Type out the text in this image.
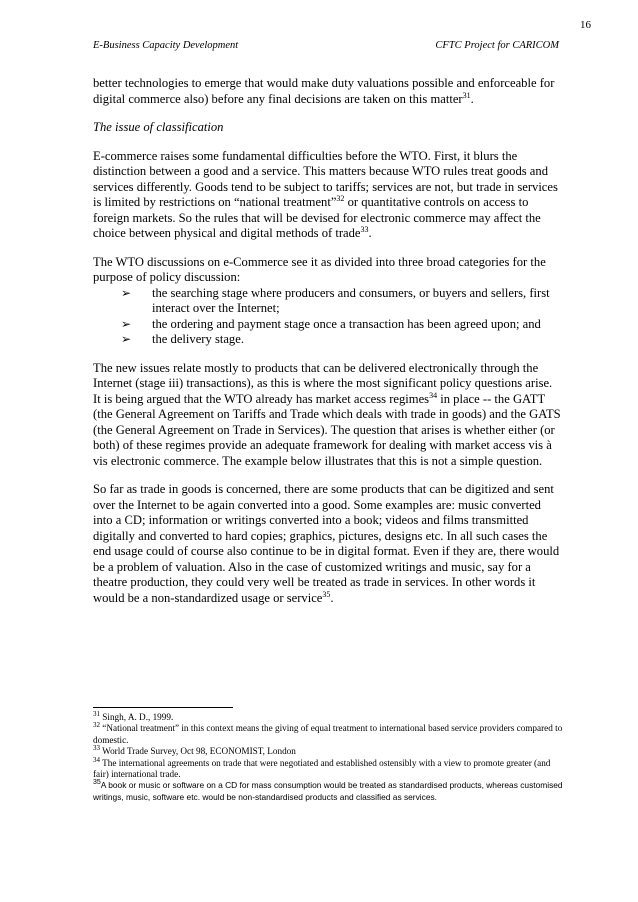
16
E-Business Capacity Development	CFTC Project for CARICOM

better technologies to emerge that would make duty valuations possible and enforceable for digital commerce also) before any final decisions are taken on this matter$^{31}$.

The issue of classification

E-commerce raises some fundamental difficulties before the WTO. First, it blurs the distinction between a good and a service. This matters because WTO rules treat goods and services differently. Goods tend to be subject to tariffs; services are not, but trade in services is limited by restrictions on “national treatment”$^{32}$ or quantitative controls on access to foreign markets. So the rules that will be devised for electronic commerce may affect the choice between physical and digital methods of trade$^{33}$.

The WTO discussions on e-Commerce see it as divided into three broad categories for the purpose of policy discussion:

➢ the searching stage where producers and consumers, or buyers and sellers, first interact over the Internet;
➢ the ordering and payment stage once a transaction has been agreed upon; and
➢ the delivery stage.

The new issues relate mostly to products that can be delivered electronically through the Internet (stage iii) transactions), as this is where the most significant policy questions arise. It is being argued that the WTO already has market access regimes$^{34}$ in place -- the GATT (the General Agreement on Tariffs and Trade which deals with trade in goods) and the GATS (the General Agreement on Trade in Services). The question that arises is whether either (or both) of these regimes provide an adequate framework for dealing with market access vis à vis electronic commerce. The example below illustrates that this is not a simple question.

So far as trade in goods is concerned, there are some products that can be digitized and sent over the Internet to be again converted into a good. Some examples are: music converted into a CD; information or writings converted into a book; videos and films transmitted digitally and converted to hard copies; graphics, pictures, designs etc. In all such cases the end usage could of course also continue to be in digital format. Even if they are, there would be a problem of valuation. Also in the case of customized writings and music, say for a theatre production, they could very well be treated as trade in services. In other words it would be a non-standardized usage or service$^{35}$.

$^{31}$ Singh, A. D., 1999.

$^{32}$ “National treatment” in this context means the giving of equal treatment to international based service providers compared to domestic.

$^{33}$ World Trade Survey, Oct 98, ECONOMIST, London

$^{34}$ The international agreements on trade that were negotiated and established ostensibly with a view to promote greater (and fair) international trade.

$^{35}$A book or music or software on a CD for mass consumption would be treated as standardised products, whereas customised writings, music, software etc. would be non-standardised products and classified as services.
